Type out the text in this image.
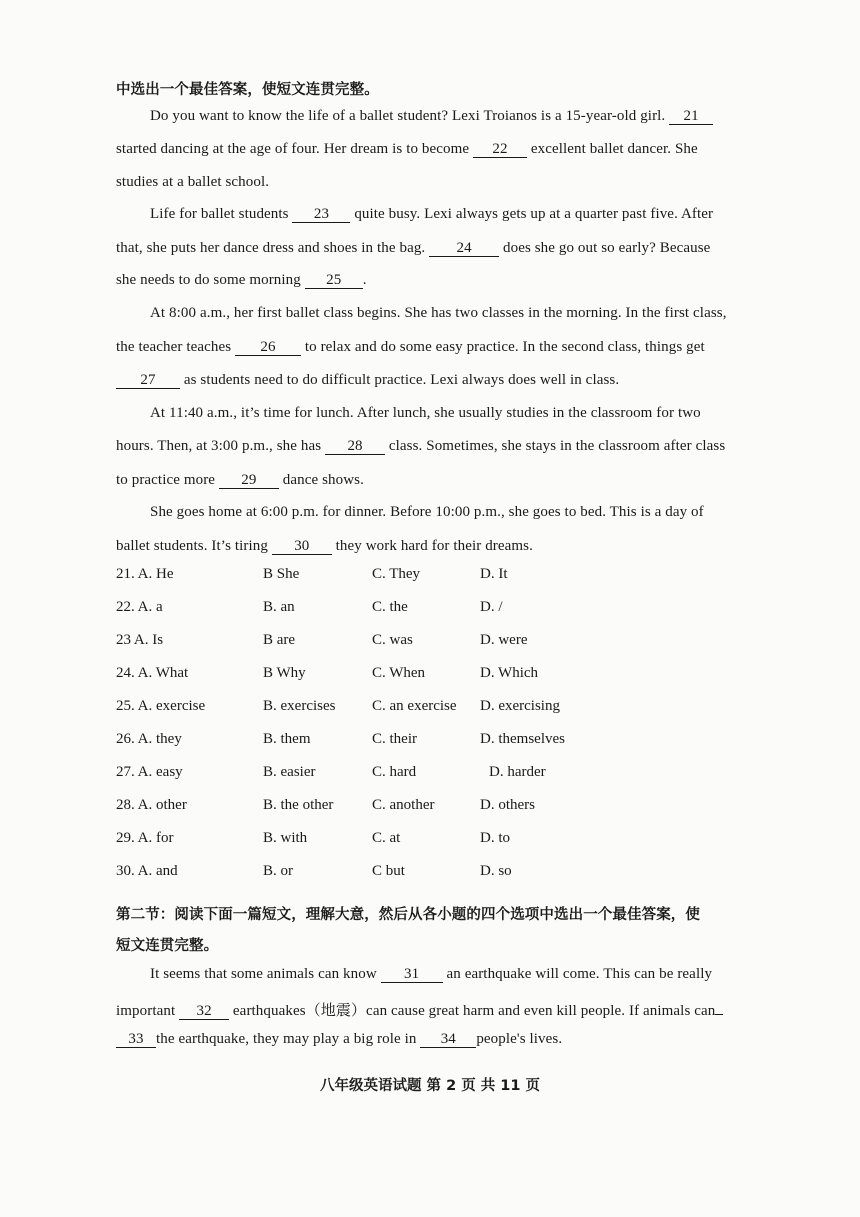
中选出一个最佳答案，使短文连贯完整。
Do you want to know the life of a ballet student? Lexi Troianos is a 15-year-old girl. 21
started dancing at the age of four. Her dream is to become 22 excellent ballet dancer. She
studies at a ballet school.
Life for ballet students 23 quite busy. Lexi always gets up at a quarter past five. After
that, she puts her dance dress and shoes in the bag. 24 does she go out so early? Because
she needs to do some morning 25 .
At 8:00 a.m., her first ballet class begins. She has two classes in the morning. In the first class,
the teacher teaches 26 to relax and do some easy practice. In the second class, things get
27 as students need to do difficult practice. Lexi always does well in class.
At 11:40 a.m., it’s time for lunch. After lunch, she usually studies in the classroom for two
hours. Then, at 3:00 p.m., she has 28 class. Sometimes, she stays in the classroom after class
to practice more 29 dance shows.
She goes home at 6:00 p.m. for dinner. Before 10:00 p.m., she goes to bed. This is a day of
ballet students. It’s tiring 30 they work hard for their dreams.
21. A. He	B She	C. They	D. It
22. A. a	B. an	C. the	D. /
23 A. Is	B are	C. was	D. were
24. A. What	B Why	C. When	D. Which
25. A. exercise	B. exercises C. an exercise D. exercising
26. A. they	B. them	C. their	D. themselves
27. A. easy	B. easier	C. hard	D. harder
28. A. other	B. the other	C. another	D. others
29. A. for	B. with	C. at	D. to
30. A. and	B. or	C but	D. so
第二节：阅读下面一篇短文，理解大意，然后从各小题的四个选项中选出一个最佳答案，使
短文连贯完整。
It seems that some animals can know 31 an earthquake will come. This can be really
important 32 earthquakes（地震）can cause great harm and even kill people. If animals can
33 the earthquake, they may play a big role in 34 people's lives.
八年级英语试题 第 2 页 共 11 页
